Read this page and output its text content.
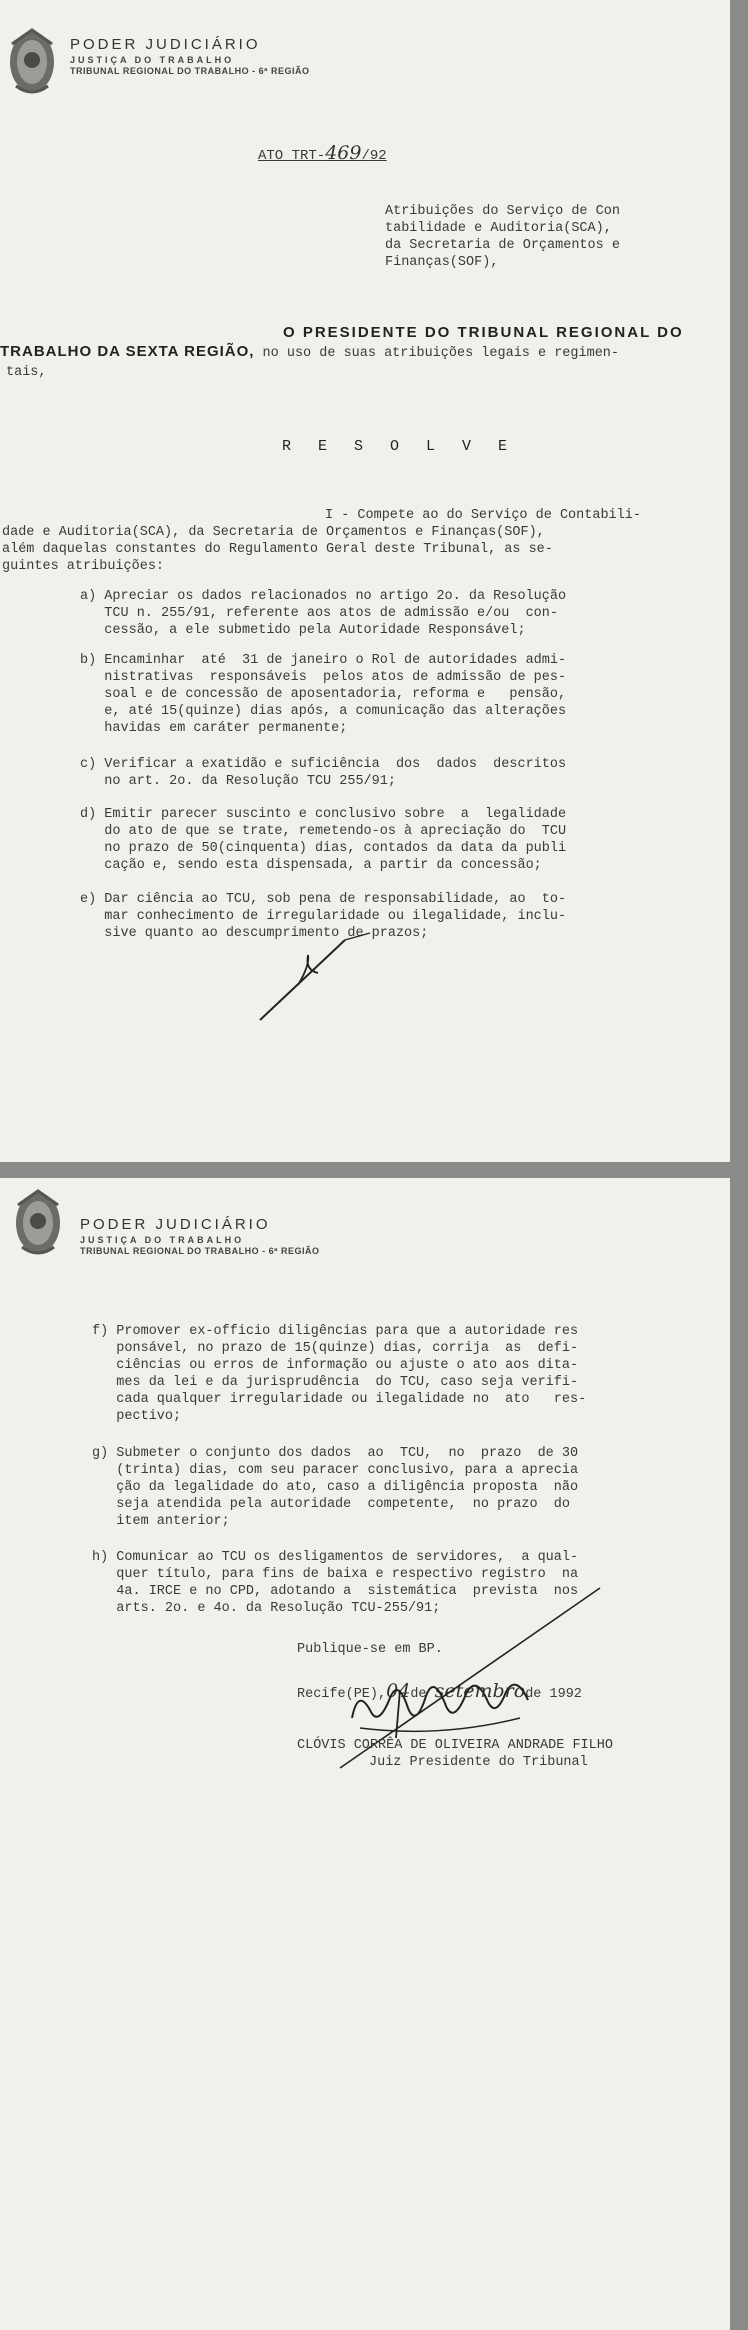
PODER JUDICIÁRIO
JUSTIÇA DO TRABALHO
TRIBUNAL REGIONAL DO TRABALHO - 6ª REGIÃO
ATO TRT-469/92
Atribuições do Serviço de Con
tabilidade e Auditoria(SCA),
da Secretaria de Orçamentos e
Finanças(SOF),
O PRESIDENTE DO TRIBUNAL REGIONAL DO
TRABALHO DA SEXTA REGIÃO, no uso de suas atribuições legais e regimen-
tais,
R E S O L V E
I - Compete ao do Serviço de Contabili-
dade e Auditoria(SCA), da Secretaria de Orçamentos e Finanças(SOF),
além daquelas constantes do Regulamento Geral deste Tribunal, as se-
guintes atribuições:
a) Apreciar os dados relacionados no artigo 2o. da Resolução
TCU n. 255/91, referente aos atos de admissão e/ou  con-
cessão, a ele submetido pela Autoridade Responsável;
b) Encaminhar  até  31 de janeiro o Rol de autoridades admi-
nistrativas  responsáveis  pelos atos de admissão de pes-
soal e de concessão de aposentadoria, reforma e   pensão,
e, até 15(quinze) dias após, a comunicação das alterações
havidas em caráter permanente;
c) Verificar a exatidão e suficiência  dos  dados  descritos
no art. 2o. da Resolução TCU 255/91;
d) Emitir parecer suscinto e conclusivo sobre  a  legalidade
do ato de que se trate, remetendo-os à apreciação do  TCU
no prazo de 50(cinquenta) dias, contados da data da publi
cação e, sendo esta dispensada, a partir da concessão;
e) Dar ciência ao TCU, sob pena de responsabilidade, ao  to-
mar conhecimento de irregularidade ou ilegalidade, inclu-
sive quanto ao descumprimento de prazos;
PODER JUDICIÁRIO
JUSTIÇA DO TRABALHO
TRIBUNAL REGIONAL DO TRABALHO - 6ª REGIÃO
f) Promover ex-officio diligências para que a autoridade res
ponsável, no prazo de 15(quinze) dias, corrija  as  defi-
ciências ou erros de informação ou ajuste o ato aos dita-
mes da lei e da jurisprudência  do TCU, caso seja verifi-
cada qualquer irregularidade ou ilegalidade no  ato   res-
pectivo;
g) Submeter o conjunto dos dados  ao  TCU,  no  prazo  de 30
(trinta) dias, com seu paracer conclusivo, para a aprecia
ção da legalidade do ato, caso a diligência proposta  não
seja atendida pela autoridade  competente,  no prazo  do
item anterior;
h) Comunicar ao TCU os desligamentos de servidores,  a qual-
quer título, para fins de baixa e respectivo registro  na
4a. IRCE e no CPD, adotando a  sistemática  prevista  nos
arts. 2o. e 4o. da Resolução TCU-255/91;
Publique-se em BP.
Recife(PE),04de setembrode 1992
CLÓVIS CORRÊA DE OLIVEIRA ANDRADE FILHO
Juiz Presidente do Tribunal
